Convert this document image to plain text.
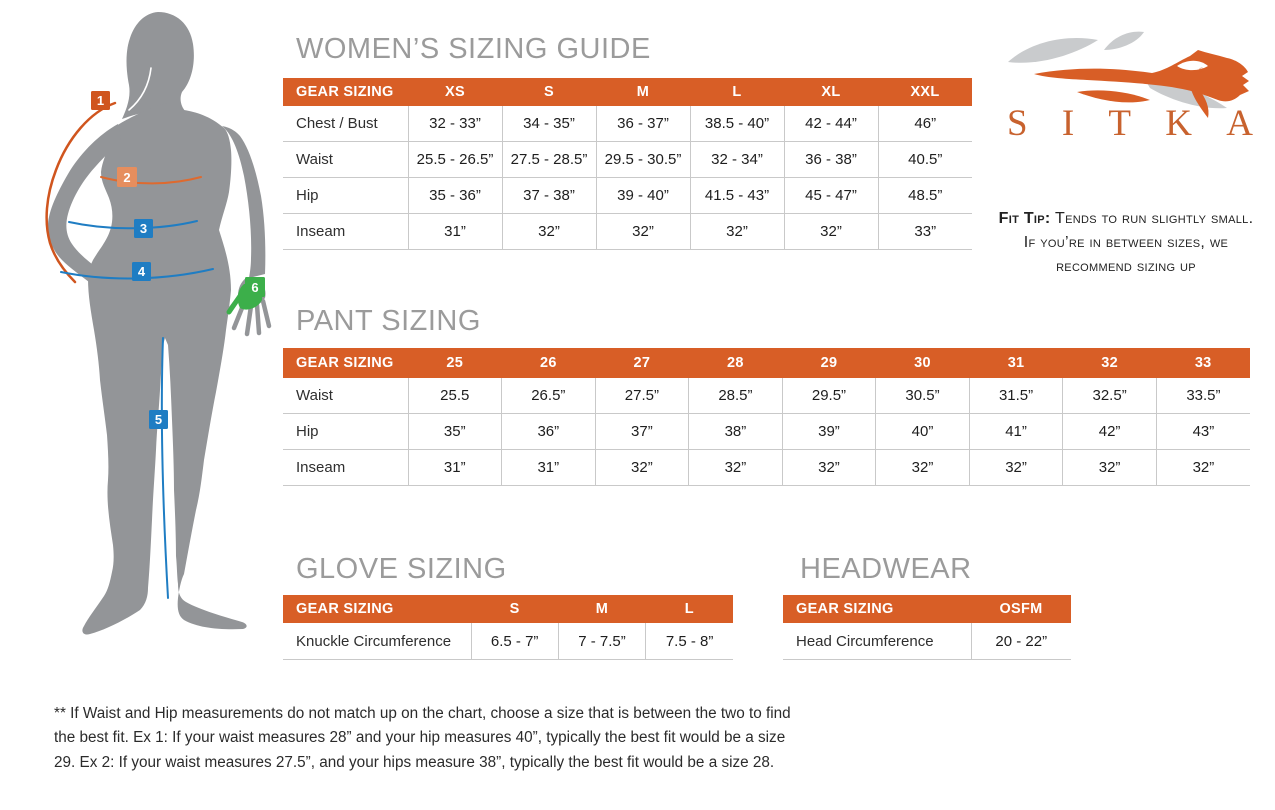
1
2
3
4
5
6
WOMEN’S SIZING GUIDE
GEAR SIZING	XS	S	M	L	XL	XXL
Chest / Bust	32 - 33”	34 - 35”	36 - 37”	38.5 - 40”	42 - 44”	46”
Waist	25.5 - 26.5”	27.5 - 28.5”	29.5 - 30.5”	32 - 34”	36 - 38”	40.5”
Hip	35 - 36”	37 - 38”	39 - 40”	41.5 - 43”	45 - 47”	48.5”
Inseam	31”	32”	32”	32”	32”	33”
®
SITKA
Fit Tip: Tends to run slightly small. If you’re in between sizes, we recommend sizing up
PANT SIZING
GEAR SIZING	25	26	27	28	29	30	31	32	33
Waist	25.5	26.5”	27.5”	28.5”	29.5”	30.5”	31.5”	32.5”	33.5”
Hip	35”	36”	37”	38”	39”	40”	41”	42”	43”
Inseam	31”	31”	32”	32”	32”	32”	32”	32”	32”
GLOVE SIZING
GEAR SIZING	S	M	L
Knuckle Circumference	6.5 - 7”	7 - 7.5”	7.5 - 8”
HEADWEAR
GEAR SIZING	OSFM
Head Circumference	20 - 22”

** If Waist and Hip measurements do not match up on the chart, choose a size that is between the two to find the best fit. Ex 1: If your waist measures 28” and your hip measures 40”, typically the best fit would be a size 29. Ex 2: If your waist measures 27.5”, and your hips measure 38”, typically the best fit would be a size 28.
